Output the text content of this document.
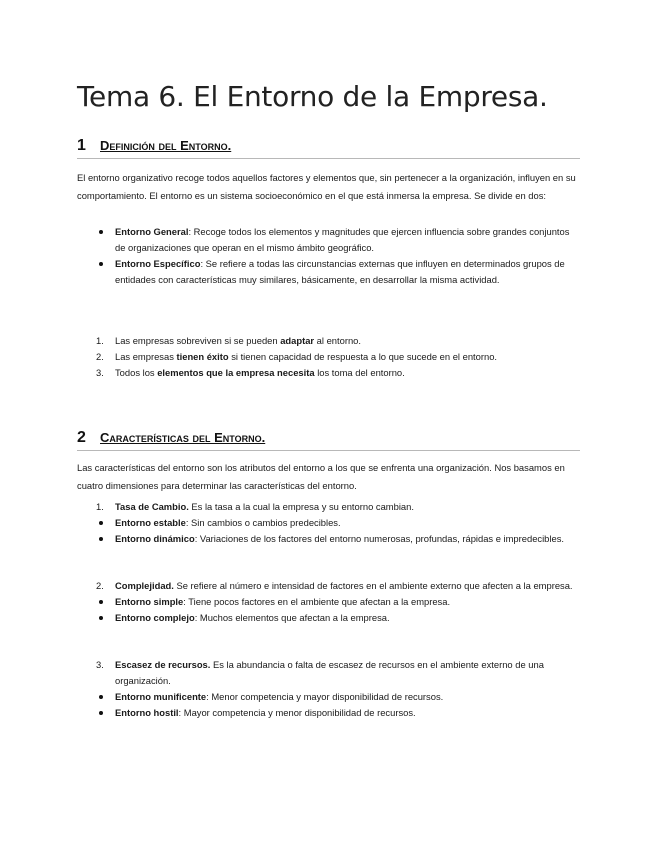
Tema 6. El Entorno de la Empresa.
1 Definición del Entorno.

El entorno organizativo recoge todos aquellos factores y elementos que, sin pertenecer a la organización, influyen en su comportamiento. El entorno es un sistema socioeconómico en el que está inmersa la empresa. Se divide en dos:

Entorno General: Recoge todos los elementos y magnitudes que ejercen influencia sobre grandes conjuntos de organizaciones que operan en el mismo ámbito geográfico.
Entorno Específico: Se refiere a todas las circunstancias externas que influyen en determinados grupos de entidades con características muy similares, básicamente, en desarrollar la misma actividad.
1. Las empresas sobreviven si se pueden adaptar al entorno.
2. Las empresas tienen éxito si tienen capacidad de respuesta a lo que sucede en el entorno.
3. Todos los elementos que la empresa necesita los toma del entorno.
2 Características del Entorno.

Las características del entorno son los atributos del entorno a los que se enfrenta una organización. Nos basamos en cuatro dimensiones para determinar las características del entorno.

1. Tasa de Cambio. Es la tasa a la cual la empresa y su entorno cambian.
Entorno estable: Sin cambios o cambios predecibles.
Entorno dinámico: Variaciones de los factores del entorno numerosas, profundas, rápidas e impredecibles.
2. Complejidad. Se refiere al número e intensidad de factores en el ambiente externo que afecten a la empresa.
Entorno simple: Tiene pocos factores en el ambiente que afectan a la empresa.
Entorno complejo: Muchos elementos que afectan a la empresa.
3. Escasez de recursos. Es la abundancia o falta de escasez de recursos en el ambiente externo de una organización.
Entorno munificente: Menor competencia y mayor disponibilidad de recursos.
Entorno hostil: Mayor competencia y menor disponibilidad de recursos.
